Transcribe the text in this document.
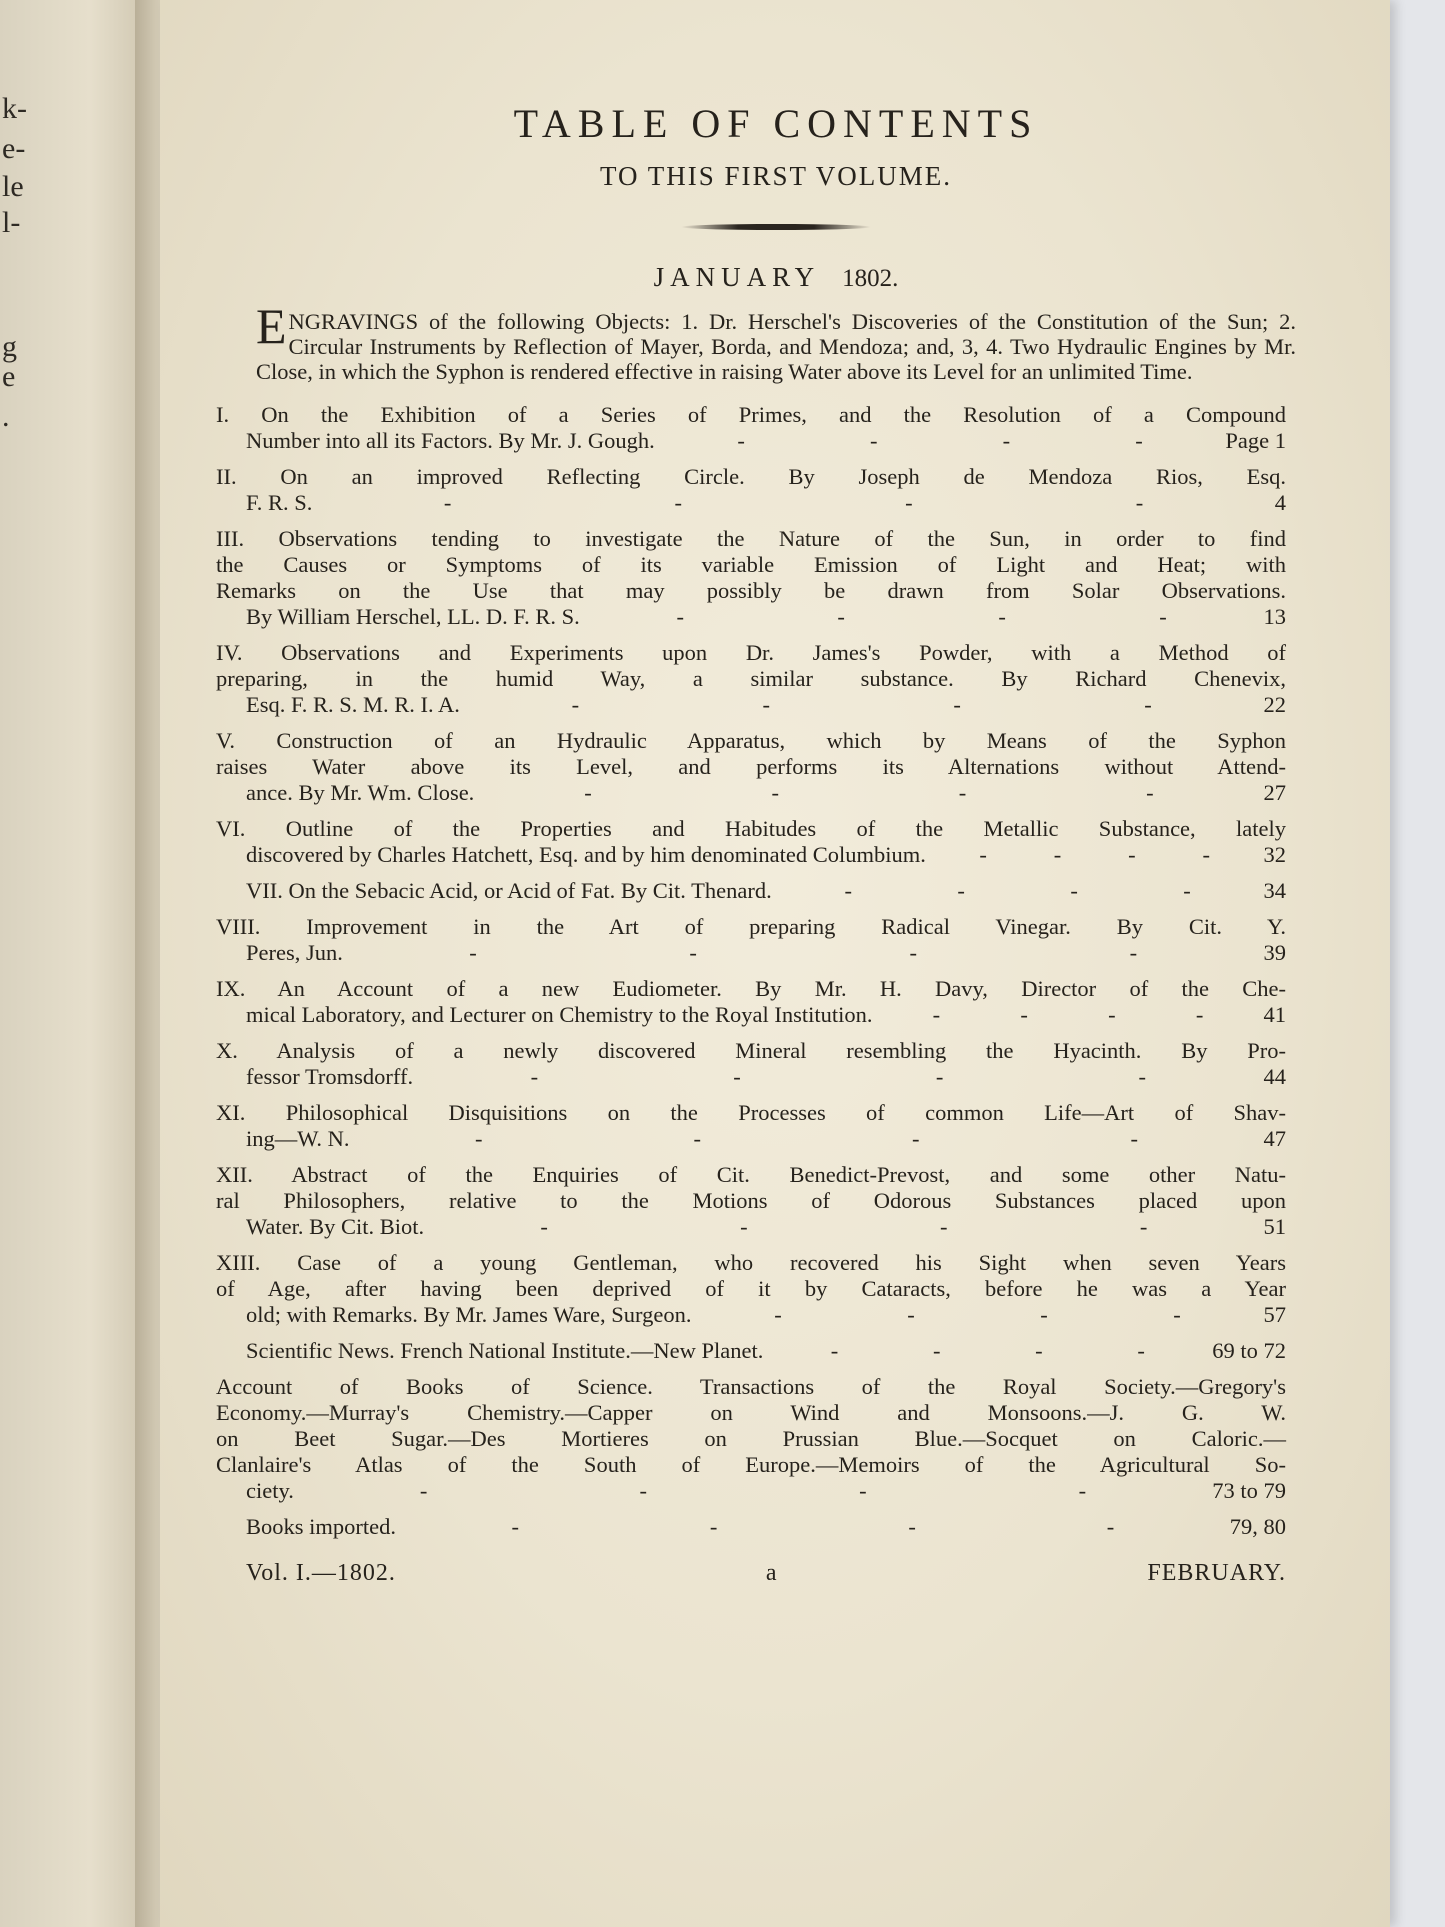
k-
e-
le
l-
g
e
.
TABLE OF CONTENTS
TO THIS FIRST VOLUME.
JANUARY 1802.
ENGRAVINGS of the following Objects: 1. Dr. Herschel's Discoveries of the Constitution of the Sun; 2. Circular Instruments by Reflection of Mayer, Borda, and Mendoza; and, 3, 4. Two Hydraulic Engines by Mr. Close, in which the Syphon is rendered effective in raising Water above its Level for an unlimited Time.
I. On the Exhibition of a Series of Primes, and the Resolution of a Compound
Number into all its Factors. By Mr. J. Gough.	-	-	-	-	Page 1
II. On an improved Reflecting Circle. By Joseph de Mendoza Rios, Esq.
F. R. S.	-	-	-	-	4
III. Observations tending to investigate the Nature of the Sun, in order to find
the Causes or Symptoms of its variable Emission of Light and Heat; with
Remarks on the Use that may possibly be drawn from Solar Observations.
By William Herschel, LL. D. F. R. S.	-	-	-	-	13
IV. Observations and Experiments upon Dr. James's Powder, with a Method of
preparing, in the humid Way, a similar substance. By Richard Chenevix,
Esq. F. R. S. M. R. I. A.	-	-	-	-	22
V. Construction of an Hydraulic Apparatus, which by Means of the Syphon
raises Water above its Level, and performs its Alternations without Attend-
ance. By Mr. Wm. Close.	-	-	-	-	27
VI. Outline of the Properties and Habitudes of the Metallic Substance, lately
discovered by Charles Hatchett, Esq. and by him denominated Columbium. -	-	-	- 32
VII. On the Sebacic Acid, or Acid of Fat. By Cit. Thenard.	-	-	-	-	34
VIII. Improvement in the Art of preparing Radical Vinegar. By Cit. Y.
Peres, Jun.	-	-	-	-	39
IX. An Account of a new Eudiometer. By Mr. H. Davy, Director of the Che-
mical Laboratory, and Lecturer on Chemistry to the Royal Institution.	-	-	-	-	41
X. Analysis of a newly discovered Mineral resembling the Hyacinth. By Pro-
fessor Tromsdorff.	-	-	-	-	44
XI. Philosophical Disquisitions on the Processes of common Life—Art of Shav-
ing—W. N.	-	-	-	-	47
XII. Abstract of the Enquiries of Cit. Benedict-Prevost, and some other Natu-
ral Philosophers, relative to the Motions of Odorous Substances placed upon
Water. By Cit. Biot.	-	-	-	-	51
XIII. Case of a young Gentleman, who recovered his Sight when seven Years
of Age, after having been deprived of it by Cataracts, before he was a Year
old; with Remarks. By Mr. James Ware, Surgeon.	-	-	-	-	57
Scientific News. French National Institute.—New Planet.	-	-	-	-	69 to 72
Account of Books of Science. Transactions of the Royal Society.—Gregory's
Economy.—Murray's Chemistry.—Capper on Wind and Monsoons.—J. G. W.
on Beet Sugar.—Des Mortieres on Prussian Blue.—Socquet on Caloric.—
Clanlaire's Atlas of the South of Europe.—Memoirs of the Agricultural So-
ciety.	-	-	-	-	73 to 79
Books imported.	-	-	-	-	79, 80
Vol. I.—1802.	a	FEBRUARY.
